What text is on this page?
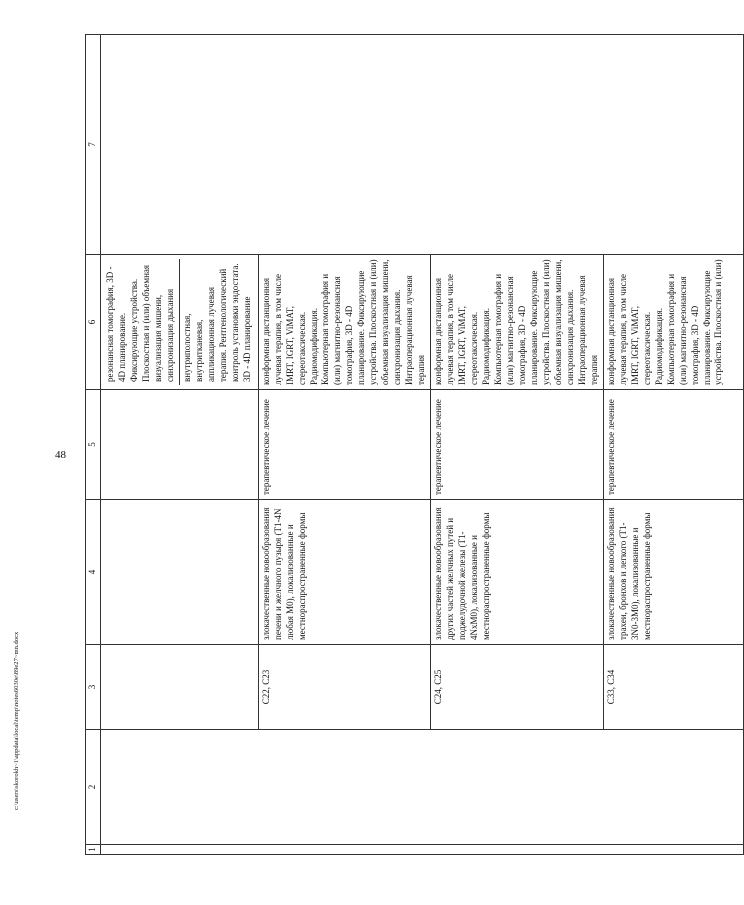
48
c:\users\skorokh~1\appdata\local\temp\notes6030e\89e27~mn.docx
1	2	3	4	5	6	7

					резонансная томография, 3D - 4D планирование. Фиксирующие устройства. Плоскостная и (или) объемная визуализация мишени, синхронизация дыхания внутриполостная, внутритканевая, аппликационная лучевая терапия. Рентгенологический контроль установки эндостата. 3D - 4D планирование	

		C22, C23	злокачественные новообразования печени и желчного пузыря (T1-4N любая M0), локализованные и местнораспространенные формы	терапевтическое лечение	конформная дистанционная лучевая терапия, в том числе IMRT, IGRT, ViMAT, стереотаксическая. Радиомодификация. Компьютерная томография и (или) магнитно-резонансная томография, 3D - 4D планирование. Фиксирующие устройства. Плоскостная и (или) объемная визуализация мишени, синхронизация дыхания. Интраоперационная лучевая терапия	
		C24, C25	злокачественные новообразования других частей желчных путей и поджелудочной железы (T1-4NxM0), локализованные и местнораспространенные формы	терапевтическое лечение	конформная дистанционная лучевая терапия, в том числе IMRT, IGRT, ViMAT, стереотаксическая. Радиомодификация. Компьютерная томография и (или) магнитно-резонансная томография, 3D - 4D планирование. Фиксирующие устройства. Плоскостная и (или) объемная визуализация мишени, синхронизация дыхания. Интраоперационная лучевая терапия	
		C33, C34	злокачественные новообразования трахеи, бронхов и легкого (T1-3N0-3M0), локализованные и местнораспространенные формы	терапевтическое лечение	конформная дистанционная лучевая терапия, в том числе IMRT, IGRT, ViMAT, стереотаксическая. Радиомодификация. Компьютерная томография и (или) магнитно-резонансная томография, 3D - 4D планирование. Фиксирующие устройства. Плоскостная и (или)	
